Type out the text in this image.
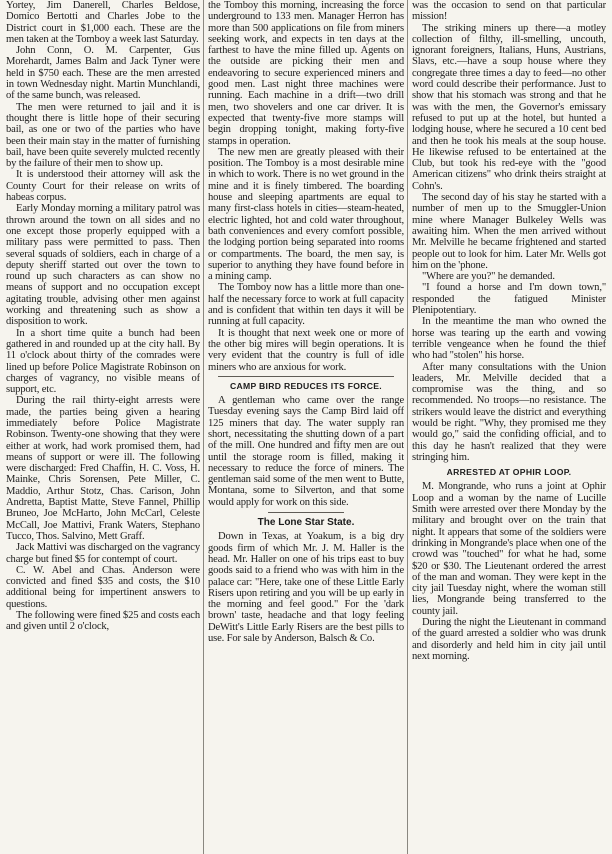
Yortey, Jim Danerell, Charles Beldose, Domico Bertotti and Charles Jobe to the District court in $1,000 each. These are the men taken at the Tomboy a week last Saturday.

John Conn, O. M. Carpenter, Gus Morehardt, James Balm and Jack Tyner were held in $750 each. These are the men arrested in town Wednesday night. Martin Munchlandi, of the same bunch, was released.

The men were returned to jail and it is thought there is little hope of their securing bail, as one or two of the parties who have been their main stay in the matter of furnishing bail, have been quite severely mulcted recently by the failure of their men to show up.

It is understood their attorney will ask the County Court for their release on writs of habeas corpus.

Early Monday morning a military patrol was thrown around the town on all sides and no one except those properly equipped with a military pass were permitted to pass. Then several squads of soldiers, each in charge of a deputy sheriff started out over the town to round up such characters as can show no means of support and no occupation except agitating trouble, advising other men against working and threatening such as show a disposition to work.

In a short time quite a bunch had been gathered in and rounded up at the city hall. By 11 o'clock about thirty of the comrades were lined up before Police Magistrate Robinson on charges of vagrancy, no visible means of support, etc.

During the rail thirty-eight arrests were made, the parties being given a hearing immediately before Police Magistrate Robinson. Twenty-one showing that they were either at work, had work promised them, had means of support or were ill. The following were discharged: Fred Chaffin, H. C. Voss, H. Mainke, Chris Sorensen, Pete Miller, C. Maddio, Arthur Stotz, Chas. Carison, John Andretta, Baptist Matte, Steve Fannel, Phillip Bruneo, Joe McHarto, John McCarl, Celeste McCall, Joe Mattivi, Frank Waters, Stephano Tucco, Thos. Salvino, Mett Graff.

Jack Mattivi was discharged on the vagrancy charge but fined $5 for contempt of court.

C. W. Abel and Chas. Anderson were convicted and fined $35 and costs, the $10 additional being for impertinent answers to questions.

The following were fined $25 and costs each and given until 2 o'clock,

the Tomboy this morning, increasing the force underground to 133 men. Manager Herron has more than 500 applications on file from miners seeking work, and expects in ten days at the farthest to have the mine filled up. Agents on the outside are picking their men and endeavoring to secure experienced miners and good men. Last night three machines were running. Each machine in a drift—two drill men, two shovelers and one car driver. It is expected that twenty-five more stamps will begin dropping tonight, making forty-five stamps in operation.

The new men are greatly pleased with their position. The Tomboy is a most desirable mine in which to work. There is no wet ground in the mine and it is finely timbered. The boarding house and sleeping apartments are equal to many first-class hotels in cities—steam-heated, electric lighted, hot and cold water throughout, bath conveniences and every comfort possible, the lodging portion being separated into rooms or compartments. The board, the men say, is superior to anything they have found before in a mining camp.

The Tomboy now has a little more than one-half the necessary force to work at full capacity and is confident that within ten days it will be running at full capacity.

It is thought that next week one or more of the other big mires will begin operations. It is very evident that the country is full of idle miners who are anxious for work.

CAMP BIRD REDUCES ITS FORCE.

A gentleman who came over the range Tuesday evening says the Camp Bird laid off 125 miners that day. The water supply ran short, necessitating the shutting down of a part of the mill. One hundred and fifty men are out until the storage room is filled, making it necessary to reduce the force of miners. The gentleman said some of the men went to Butte, Montana, some to Silverton, and that some would apply for work on this side.

The Lone Star State.

Down in Texas, at Yoakum, is a big dry goods firm of which Mr. J. M. Haller is the head. Mr. Haller on one of his trips east to buy goods said to a friend who was with him in the palace car: "Here, take one of these Little Early Risers upon retiring and you will be up early in the morning and feel good." For the 'dark brown' taste, headache and that logy feeling DeWitt's Little Early Risers are the best pills to use. For sale by Anderson, Balsch & Co.

was the occasion to send on that particular mission!

The striking miners up there—a motley collection of filthy, ill-smelling, uncouth, ignorant foreigners, Italians, Huns, Austrians, Slavs, etc.—have a soup house where they congregate three times a day to feed—no other word could describe their performance. Just to show that his stomach was strong and that he was with the men, the Governor's emissary refused to put up at the hotel, but hunted a lodging house, where he secured a 10 cent bed and then he took his meals at the soup house. He likewise refused to be entertained at the Club, but took his red-eye with the "good American citizens" who drink theirs straight at Cohn's.

The second day of his stay he started with a number of men up to the Smuggler-Union mine where Manager Bulkeley Wells was awaiting him. When the men arrived without Mr. Melville he became frightened and started people out to look for him. Later Mr. Wells got him on the 'phone.

"Where are you?" he demanded.

"I found a horse and I'm down town," responded the fatigued Minister Plenipotentiary.

In the meantime the man who owned the horse was tearing up the earth and vowing terrible vengeance when he found the thief who had "stolen" his horse.

After many consultations with the Union leaders, Mr. Melville decided that a compromise was the thing, and so recommended. No troops—no resistance. The strikers would leave the district and everything would be right. "Why, they promised me they would go," said the confiding official, and to this day he hasn't realized that they were stringing him.

ARRESTED AT OPHIR LOOP.

M. Mongrande, who runs a joint at Ophir Loop and a woman by the name of Lucille Smith were arrested over there Monday by the military and brought over on the train that night. It appears that some of the soldiers were drinking in Mongrande's place when one of the crowd was "touched" for what he had, some $20 or $30. The Lieutenant ordered the arrest of the man and woman. They were kept in the city jail Tuesday night, where the woman still lies, Mongrande being transferred to the county jail.

During the night the Lieutenant in command of the guard arrested a soldier who was drunk and disorderly and held him in city jail until next morning.
